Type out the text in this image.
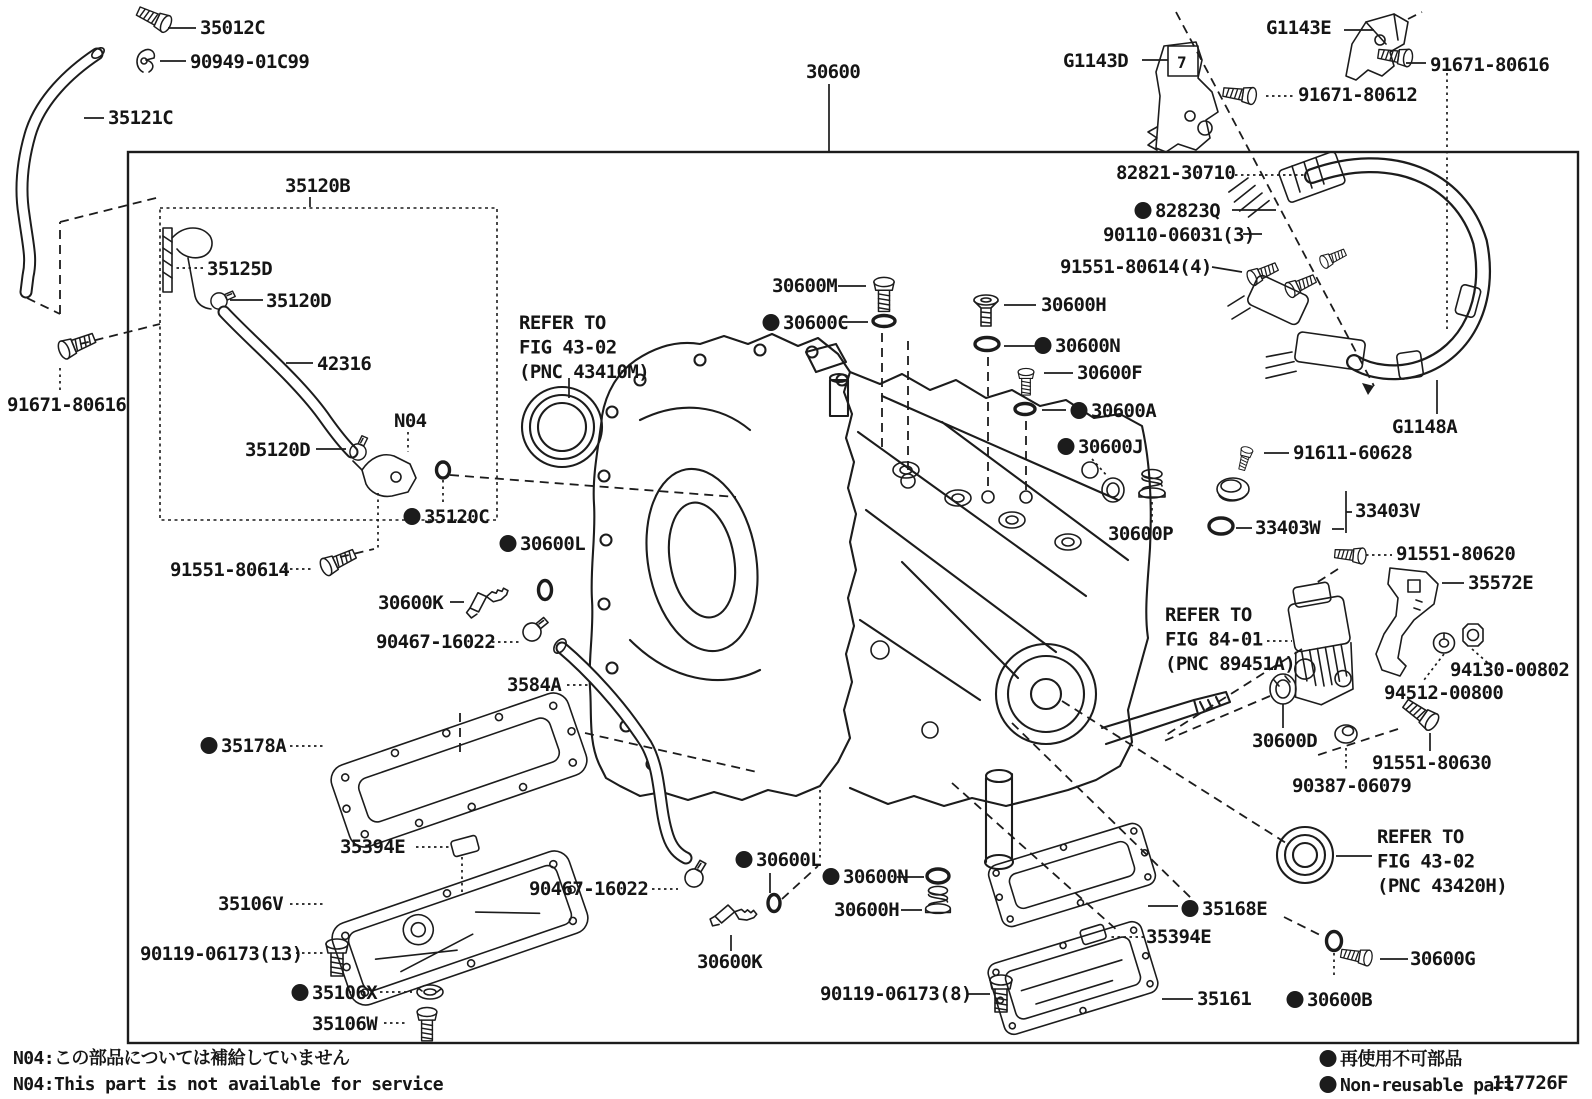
35012C
90949-01C99
35121C
91671-80616
35120B
35125D
35120D
42316
N04
35120D
35120C
91551-80614
30600L
30600K
90467-16022
3584A
35178A
35394E
35106V
90119-06173(13)
35106X
35106W
30600
30600M
30600C
30600H
30600N
30600F
30600A
30600J
30600P
91611-60628
33403V
33403W
91551-80620
35572E
94130-00802
94512-00800
30600D
91551-80630
90387-06079
30600G
30600B
35168E
35394E
35161
90119-06173(8)
30600L
30600N
30600H
30600K
90467-16022
82821-30710
82823Q
90110-06031(3)
91551-80614(4)
G1143D	7
G1143E
91671-80616
91671-80612
G1148A
N04:この部品については補給していません
N04:This part is not available for service
再使用不可部品
Non-reusable part
117726F
REFER TO
FIG 43-02
(PNC 43410M)
REFER TO
FIG 84-01
(PNC 89451A)
REFER TO
FIG 43-02
(PNC 43420H)
